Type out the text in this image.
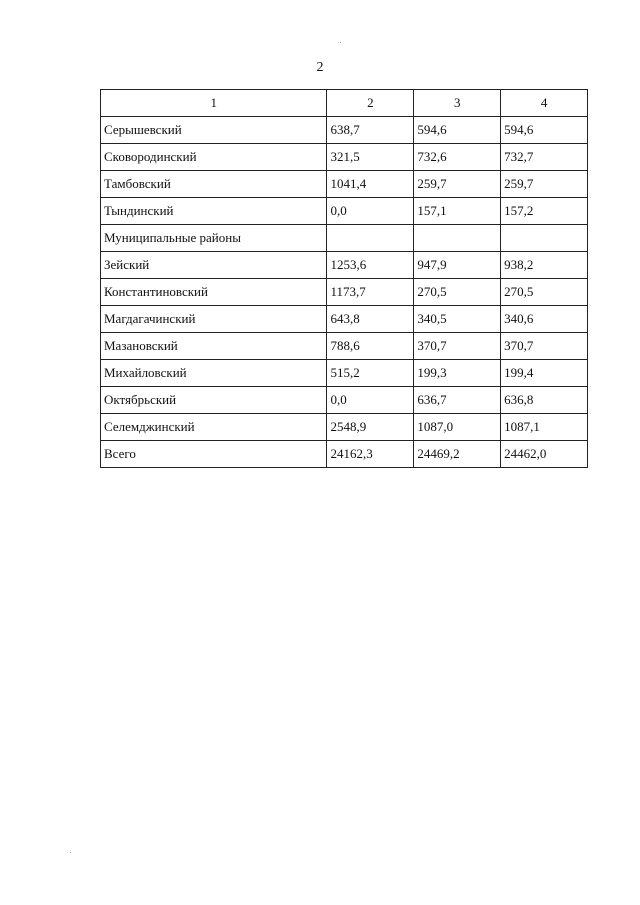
2
1	2	3	4
Серышевский	638,7	594,6	594,6
Сковородинский	321,5	732,6	732,7
Тамбовский	1041,4	259,7	259,7
Тындинский	0,0	157,1	157,2
Муниципальные районы			
Зейский	1253,6	947,9	938,2
Константиновский	1173,7	270,5	270,5
Магдагачинский	643,8	340,5	340,6
Мазановский	788,6	370,7	370,7
Михайловский	515,2	199,3	199,4
Октябрьский	0,0	636,7	636,8
Селемджинский	2548,9	1087,0	1087,1
Всего	24162,3	24469,2	24462,0
